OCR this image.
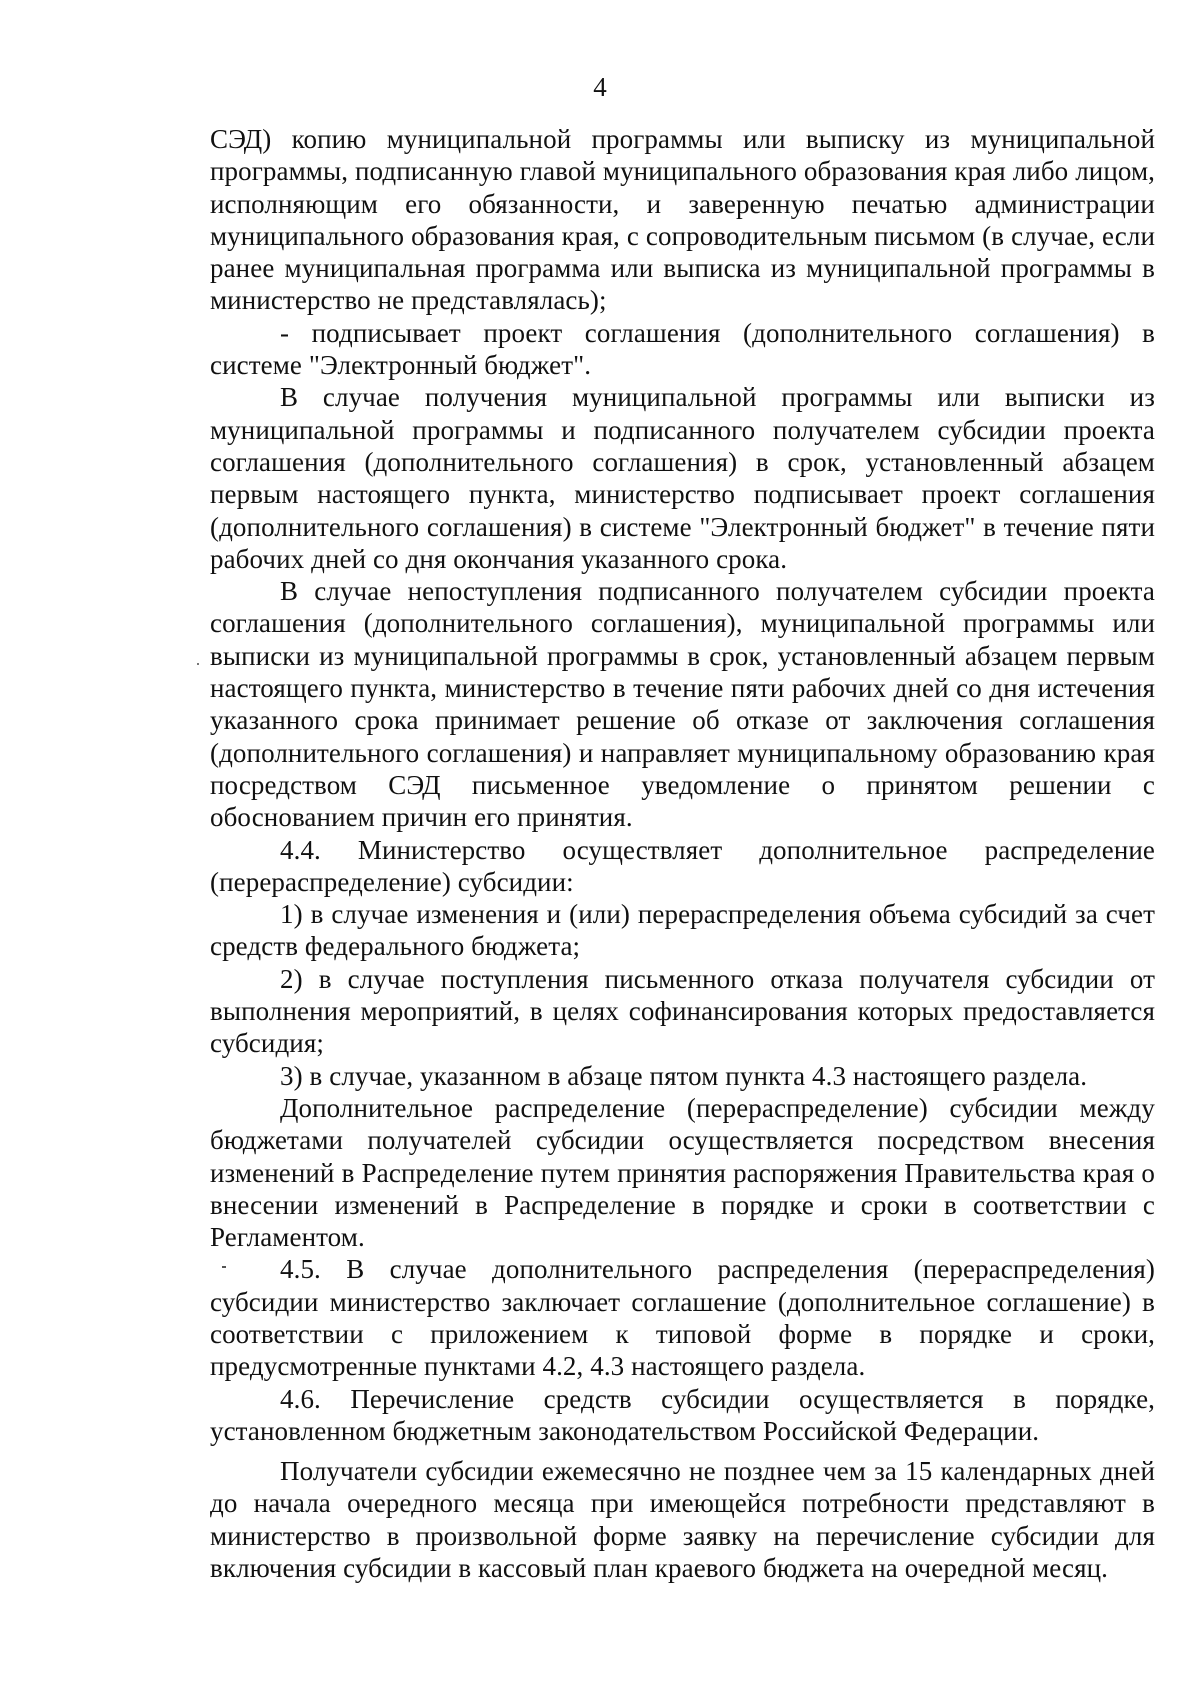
4

СЭД) копию муниципальной программы или выписку из муниципальной программы, подписанную главой муниципального образования края либо лицом, исполняющим его обязанности, и заверенную печатью администрации муниципального образования края, с сопроводительным письмом (в случае, если ранее муниципальная программа или выписка из муниципальной программы в министерство не представлялась);

- подписывает проект соглашения (дополнительного соглашения) в системе "Электронный бюджет".

В случае получения муниципальной программы или выписки из муниципальной программы и подписанного получателем субсидии проекта соглашения (дополнительного соглашения) в срок, установленный абзацем первым настоящего пункта, министерство подписывает проект соглашения (дополнительного соглашения) в системе "Электронный бюджет" в течение пяти рабочих дней со дня окончания указанного срока.

В случае непоступления подписанного получателем субсидии проекта соглашения (дополнительного соглашения), муниципальной программы или выписки из муниципальной программы в срок, установленный абзацем первым настоящего пункта, министерство в течение пяти рабочих дней со дня истечения указанного срока принимает решение об отказе от заключения соглашения (дополнительного соглашения) и направляет муниципальному образованию края посредством СЭД письменное уведомление о принятом решении с обоснованием причин его принятия.

4.4. Министерство осуществляет дополнительное распределение (перераспределение) субсидии:

1) в случае изменения и (или) перераспределения объема субсидий за счет средств федерального бюджета;

2) в случае поступления письменного отказа получателя субсидии от выполнения мероприятий, в целях софинансирования которых предоставляется субсидия;

3) в случае, указанном в абзаце пятом пункта 4.3 настоящего раздела.

Дополнительное распределение (перераспределение) субсидии между бюджетами получателей субсидии осуществляется посредством внесения изменений в Распределение путем принятия распоряжения Правительства края о внесении изменений в Распределение в порядке и сроки в соответствии с Регламентом.

4.5. В случае дополнительного распределения (перераспределения) субсидии министерство заключает соглашение (дополнительное соглашение) в соответствии с приложением к типовой форме в порядке и сроки, предусмотренные пунктами 4.2, 4.3 настоящего раздела.

4.6. Перечисление средств субсидии осуществляется в порядке, установленном бюджетным законодательством Российской Федерации.

Получатели субсидии ежемесячно не позднее чем за 15 календарных дней до начала очередного месяца при имеющейся потребности представляют в министерство в произвольной форме заявку на перечисление субсидии для включения субсидии в кассовый план краевого бюджета на очередной месяц.
